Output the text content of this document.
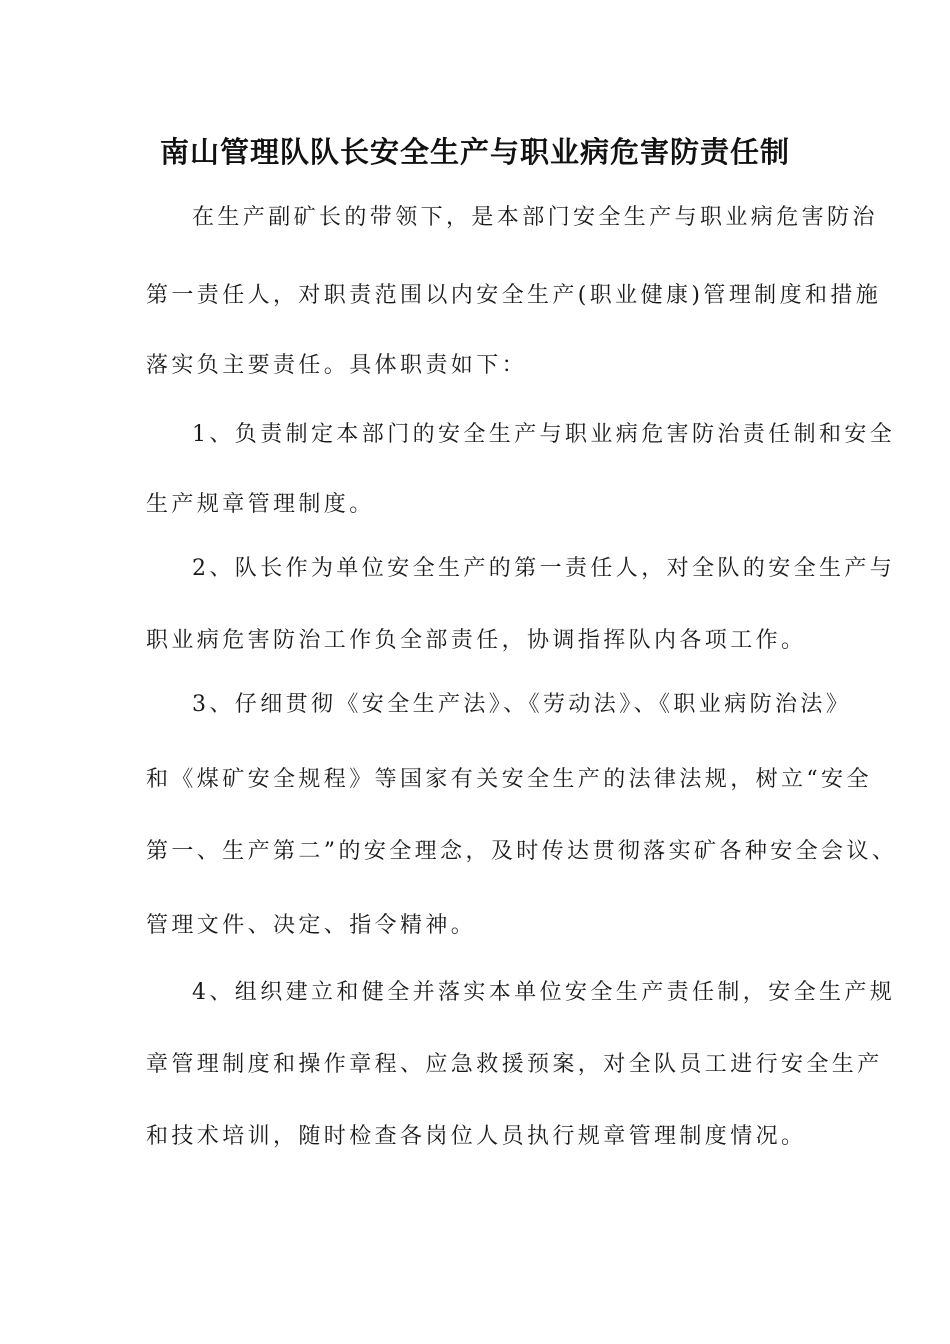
南山管理队队长安全生产与职业病危害防责任制
在生产副矿长的带领下，是本部门安全生产与职业病危害防治
第一责任人，对职责范围以内安全生产(职业健康)管理制度和措施
落实负主要责任。具体职责如下：
1、负责制定本部门的安全生产与职业病危害防治责任制和安全
生产规章管理制度。
2、队长作为单位安全生产的第一责任人，对全队的安全生产与
职业病危害防治工作负全部责任，协调指挥队内各项工作。
3、仔细贯彻《安全生产法》、《劳动法》、《职业病防治法》
和《煤矿安全规程》等国家有关安全生产的法律法规，树立“安全
第一、生产第二”的安全理念，及时传达贯彻落实矿各种安全会议、
管理文件、决定、指令精神。
4、组织建立和健全并落实本单位安全生产责任制，安全生产规
章管理制度和操作章程、应急救援预案，对全队员工进行安全生产
和技术培训，随时检查各岗位人员执行规章管理制度情况。
